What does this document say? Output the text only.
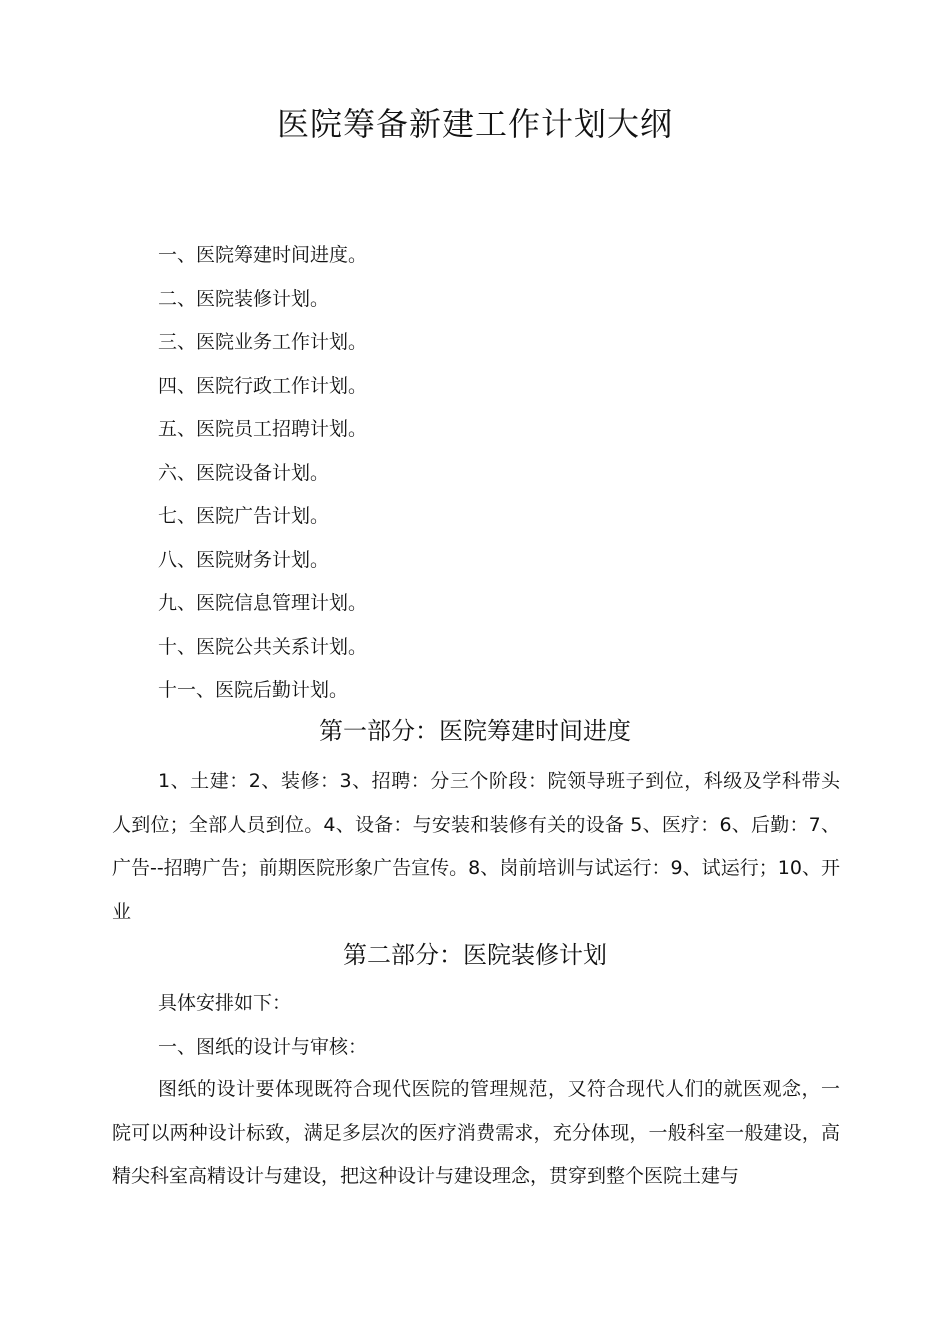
医院筹备新建工作计划大纲
一、医院筹建时间进度。
二、医院装修计划。
三、医院业务工作计划。
四、医院行政工作计划。
五、医院员工招聘计划。
六、医院设备计划。
七、医院广告计划。
八、医院财务计划。
九、医院信息管理计划。
十、医院公共关系计划。
十一、医院后勤计划。
第一部分：医院筹建时间进度

1、土建：2、装修：3、招聘：分三个阶段：院领导班子到位，科级及学科带头人到位；全部人员到位。4、设备：与安装和装修有关的设备 5、医疗：6、后勤：7、广告--招聘广告；前期医院形象广告宣传。8、岗前培训与试运行：9、试运行；10、开业

第二部分：医院装修计划

具体安排如下：

一、图纸的设计与审核：

图纸的设计要体现既符合现代医院的管理规范，又符合现代人们的就医观念，一院可以两种设计标致，满足多层次的医疗消费需求，充分体现，一般科室一般建设，高精尖科室高精设计与建设，把这种设计与建设理念，贯穿到整个医院土建与
